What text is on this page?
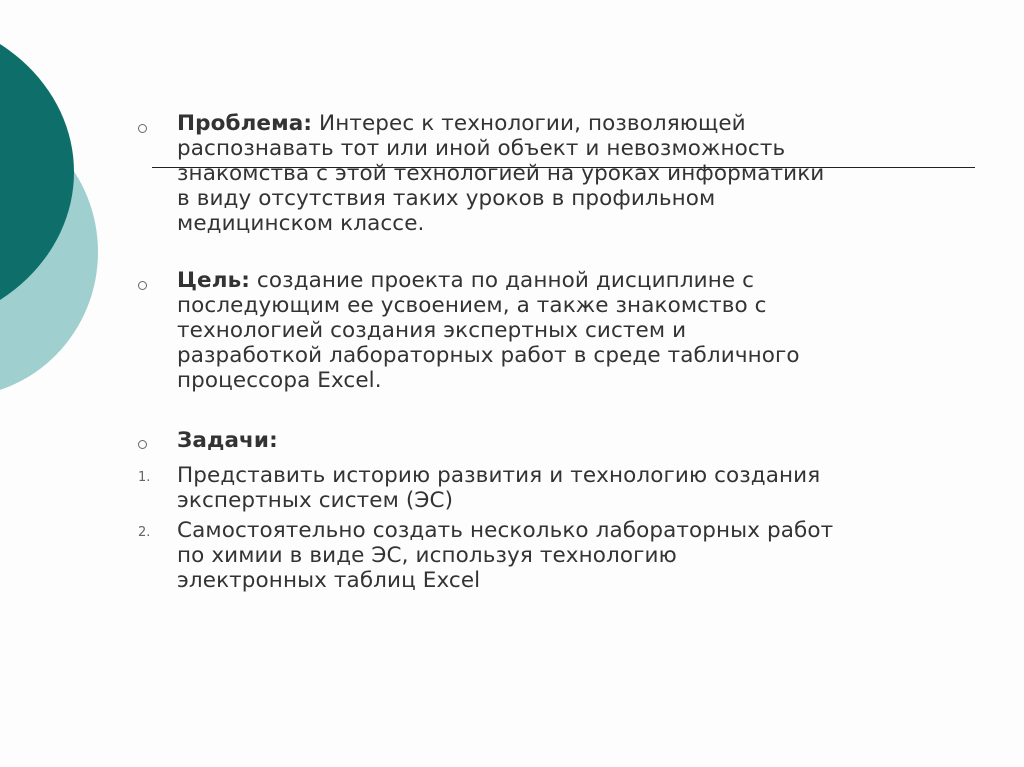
Проблема: Интерес к технологии, позволяющей
распознавать тот или иной объект и невозможность
знакомства с этой технологией на уроках информатики
в виду отсутствия таких уроков в профильном
медицинском классе.
Цель: создание проекта по данной дисциплине с
последующим ее усвоением, а также знакомство с
технологией создания экспертных систем и
разработкой лабораторных работ в среде табличного
процессора Excel.
Задачи:
1. Представить историю развития и технологию создания
экспертных систем (ЭС)
2. Самостоятельно создать несколько лабораторных работ
по химии в виде ЭС, используя технологию
электронных таблиц Excel
